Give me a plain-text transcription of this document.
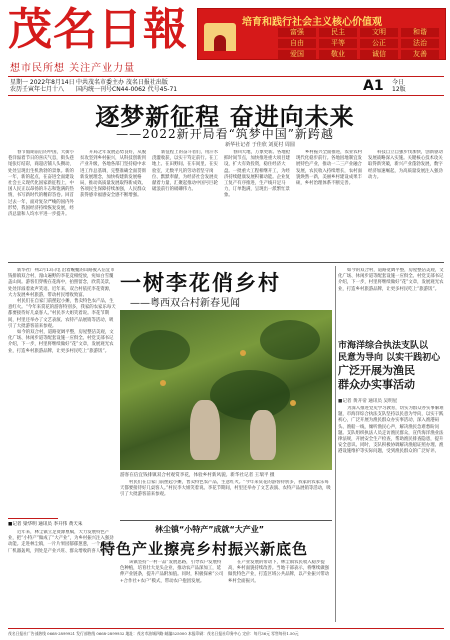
茂名日報
想市民所想 关注产业力量
培育和践行社会主义核心价值观
富强	民主	文明	和谐
自由	平等	公正	法治
爱国	敬业	诚信	友善
星期一 2022年8月14日
农历壬寅年七月十八
中共茂名市委主办 茂名日报社出版
国内统一刊号CN44-0062 代号45-71	A1 今日
12版
逐梦新征程 奋进向未来
——2022新开局看“筑梦中国”新跨越
新华社记者 于佳欣 刘夏村 周圆

春节假期前后的中国，大街小巷洋溢着节日的喜庆气息，街头巷尾张灯结彩，商超店铺人头攒动，处处呈现出生机勃勃的景象。新的一年，新的起点，在奋进全面建设社会主义现代化国家新征程上，中国人民正以昂扬的斗志和饱满的热情，书写新时代的精彩答卷。回首过去一年，面对复杂严峻的国内外形势，我国经济持续恢复发展，经济总量和人均水平进一步提升。

开局之年发展态势良好，从脱贫攻坚到乡村振兴，从科技创新到产业升级，各地各部门坚持稳中求进工作总基调，完整准确全面贯彻新发展理念，加快构建新发展格局，推动高质量发展取得新成效。各项民生保障持续加强，人民群众获得感幸福感安全感不断增强。

新征程上的奋斗者们，用汗水浇灌收获，以实干笃定前行。在工地上、在田野间、在车间里、在实验室，无数平凡的劳动者坚守岗位、默默奉献，为经济社会发展贡献着力量，汇聚起推动中国号巨轮破浪前行的磅礴伟力。

春回大地，万象更新。各地抢抓时间节点，加快推进重大项目建设，扩大有效投资，稳住经济大盘。一批重大工程相继开工，为经济持续健康发展积蓄动能。企业复工复产有序推进，生产线开足马力，订单饱满，呈现出一派繁忙景象。

乡村振兴全面推进，农业农村现代化稳步前行。各地因地制宜发展特色产业，推动一二三产业融合发展，农民收入持续增长，农村面貌焕然一新，美丽乡村建设成果丰硕，乡村治理体系不断完善。

科技自立自强步伐加快，创新驱动发展战略深入实施。关键核心技术攻关取得新突破，新兴产业蓬勃发展，数字经济加速崛起，为高质量发展注入强劲动力。

一树李花俏乡村
——粤西双合村新春见闻

新华社广州2月13日电 沿着蜿蜒的山路驶入信宜市钱排镇双合村，漫山遍野的李花竞相绽放，宛如白雪覆盖山岗。游客们穿梭在花海中，拍照留念，欣赏美景，处处洋溢着欢声笑语。近年来，双合村依托李花资源，大力发展乡村旅游，带动村民增收致富。

村民们在自家门前摆起小摊，售卖特色农产品，生意红火。“今年来赏花的游客特别多，我家的农家乐每天都要接待好几桌客人。”村民李大姐笑着说。李花节期间，村里还举办了文艺表演、农特产品展销等活动，吸引了大批游客前来参观。

如今的双合村，道路宽阔平整，房屋整洁美观，文化广场、休闲步道等配套设施一应俱全。村党支部书记介绍，下一步，村里将继续做好“花”文章，发展观光农业，打造乡村旅游品牌，让更多村民吃上“旅游饭”。

游客在信宜钱排镇双合村观赏李花，体验乡村新风貌。新华社记者 王瑞平 摄

村民们在自家门前摆起小摊，售卖特色农产品，生意红火。“今年来赏花的游客特别多，我家的农家乐每天都要接待好几桌客人。”村民李大姐笑着说。李花节期间，村里还举办了文艺表演、农特产品展销等活动，吸引了大批游客前来参观。

如今的双合村，道路宽阔平整，房屋整洁美观，文化广场、休闲步道等配套设施一应俱全。村党支部书记介绍，下一步，村里将继续做好“花”文章，发展观光农业，打造乡村旅游品牌，让更多村民吃上“旅游饭”。

市海洋综合执法支队以
民意为导向 以实干践初心
广泛开展为渔民
群众办实事活动
■记者 黄开帝 通讯员 吴明星

为深入推进党史学习教育，切实为群众办实事解难题，市海洋综合执法支队坚持以民意为导向，以实干践初心，广泛开展为渔民群众办实事活动，深入渔港码头、渔船一线，倾听渔民心声，解决渔民急难愁盼问题。支队组织执法人员走访渔民群众，宣传海洋渔业法律法规，开展安全生产检查，帮助渔民排查隐患，提升安全意识。同时，支队积极协调解决渔船证照办理、渔港设施维护等实际问题，受到渔民群众的广泛好评。

■记者 梁华明 通讯员 李开伟 黄天朱
林尘镇“小特产”成就“大产业”
特色产业擦亮乡村振兴新底色

近年来，林尘镇立足资源禀赋，大力发展特色产业，把“小特产”做成了“大产业”，为乡村振兴注入强劲动能。走进林尘镇，一片片果园郁郁葱葱，一个个加工厂机器轰鸣，到处是产业兴旺、群众增收的喜人景象。

该镇坚持“一村一品”发展思路，引导农户发展特色种植，培育壮大龙头企业，推动农产品深加工，延伸产业链条，提升产品附加值。同时，积极探索“公司+合作社+农户”模式，带动农户抱团发展。

在产业发展的带动下，林尘镇农民收入稳步提高，乡村面貌持续改善。当地干部表示，将继续做强做优特色产业，打造区域公共品牌，以产业振兴带动乡村全面振兴。

茂名日报社广告部热线 0668-2899921 发行部热线 0668-2899932 地址：茂名市油城四路 邮编525000 本报印刷：茂名日报社印务中心 定价：每月36元 零售每份1.50元
